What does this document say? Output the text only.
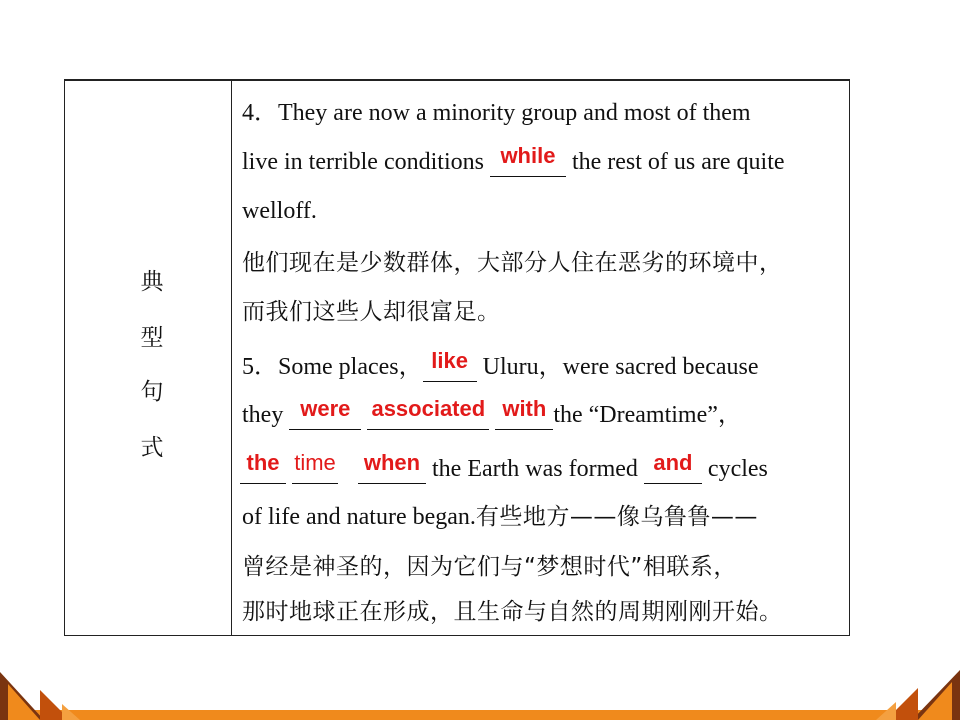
典
型
句
式
4．They are now a minority group and most of them
live in terrible conditions while the rest of us are quite
welloff.
他们现在是少数群体，大部分人住在恶劣的环境中，
而我们这些人却很富足。
5．Some places， like Uluru，were sacred because
they were associated with the “Dreamtime”，
the time when the Earth was formed and cycles
of life and nature began.有些地方——像乌鲁鲁——
曾经是神圣的，因为它们与“梦想时代”相联系，
那时地球正在形成，且生命与自然的周期刚刚开始。
